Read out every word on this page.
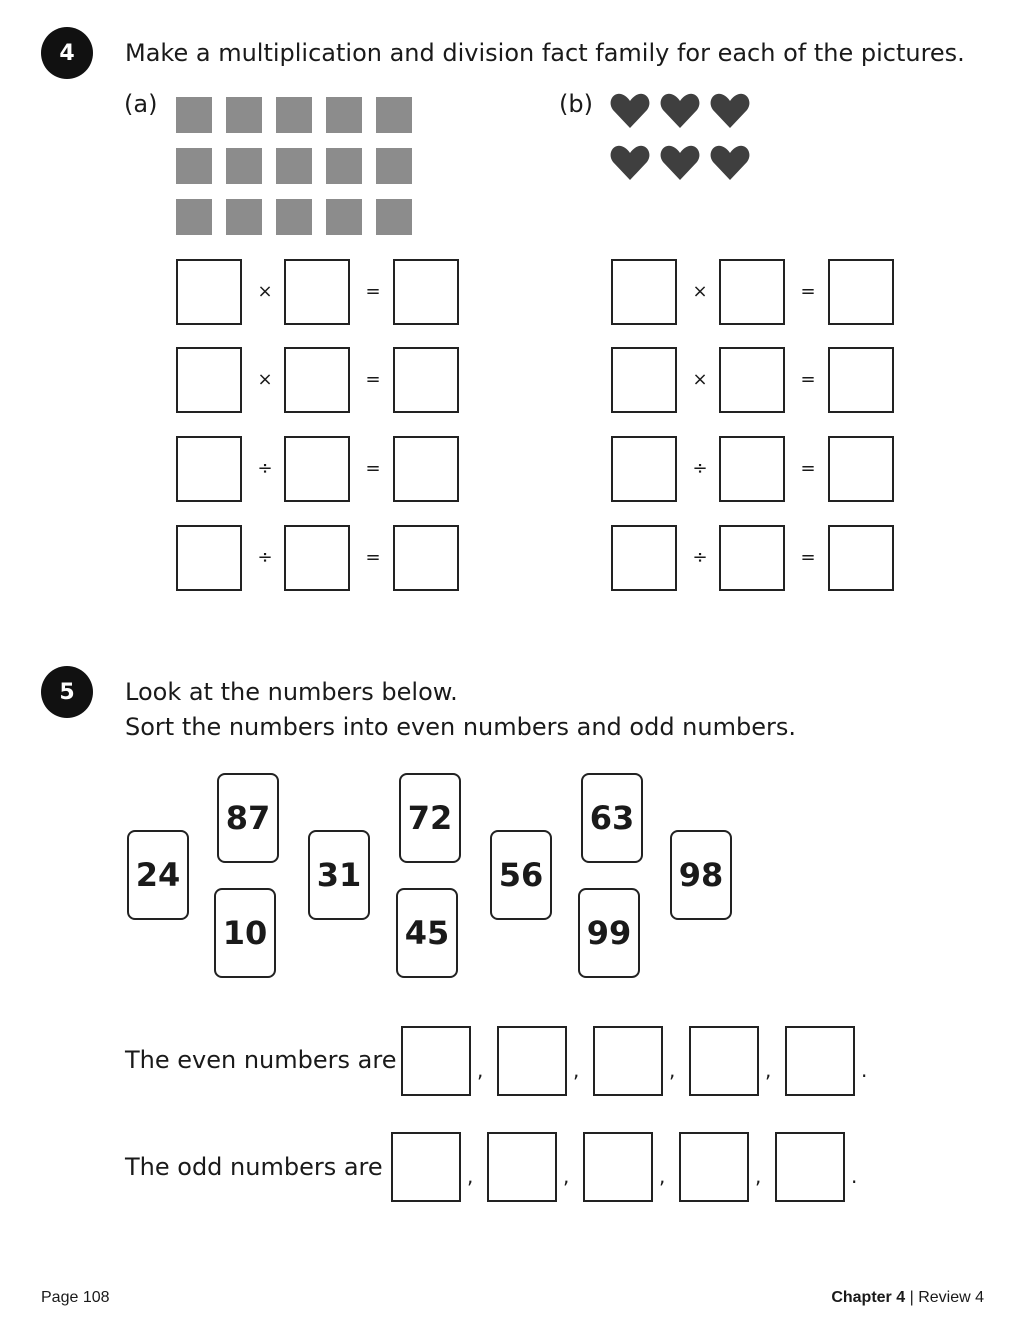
4	Make a multiplication and division fact family for each of the pictures.
(a)	(b)
×	=
×	=
÷	=
÷	=
×	=
×	=
÷	=
÷	=
5	Look at the numbers below.
Sort the numbers into even numbers and odd numbers.
24
87
10
31
72
45
56
63
99
98
The even numbers are	,	,	,	,	.
The odd numbers are	,	,	,	,	.
Page 108	Chapter 4 | Review 4
